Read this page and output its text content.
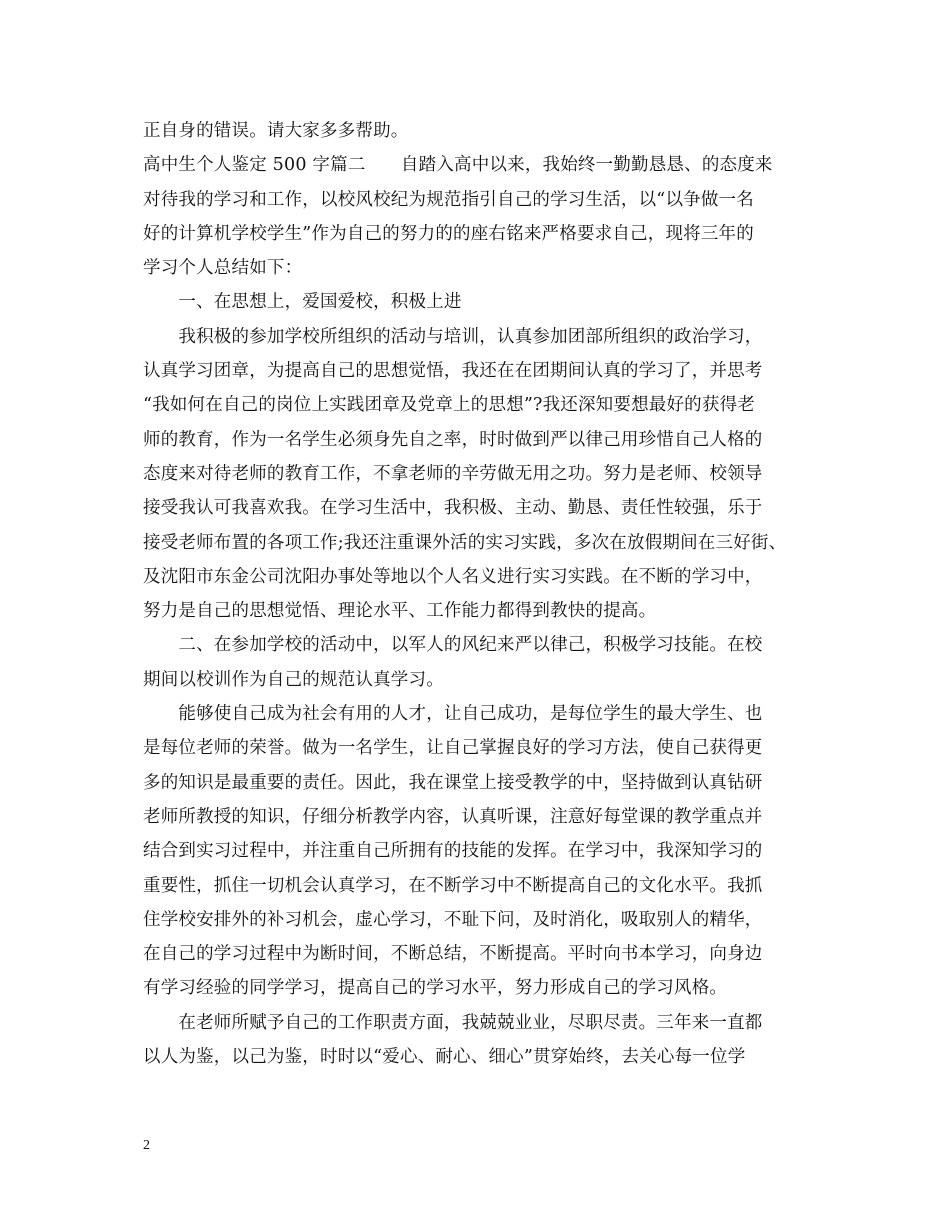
正自身的错误。请大家多多帮助。
高中生个人鉴定 500 字篇二　　自踏入高中以来，我始终一勤勤恳恳、的态度来
对待我的学习和工作，以校风校纪为规范指引自己的学习生活，以“以争做一名
好的计算机学校学生”作为自己的努力的的座右铭来严格要求自己，现将三年的
学习个人总结如下：
　　一、在思想上，爱国爱校，积极上进
　　我积极的参加学校所组织的活动与培训，认真参加团部所组织的政治学习，
认真学习团章，为提高自己的思想觉悟，我还在在团期间认真的学习了，并思考
“我如何在自己的岗位上实践团章及党章上的思想”?我还深知要想最好的获得老
师的教育，作为一名学生必须身先自之率，时时做到严以律己用珍惜自己人格的
态度来对待老师的教育工作，不拿老师的辛劳做无用之功。努力是老师、校领导
接受我认可我喜欢我。在学习生活中，我积极、主动、勤恳、责任性较强，乐于
接受老师布置的各项工作;我还注重课外活的实习实践，多次在放假期间在三好街、
及沈阳市东金公司沈阳办事处等地以个人名义进行实习实践。在不断的学习中，
努力是自己的思想觉悟、理论水平、工作能力都得到教快的提高。
　　二、在参加学校的活动中，以军人的风纪来严以律己，积极学习技能。在校
期间以校训作为自己的规范认真学习。
　　能够使自己成为社会有用的人才，让自己成功，是每位学生的最大学生、也
是每位老师的荣誉。做为一名学生，让自己掌握良好的学习方法，使自己获得更
多的知识是最重要的责任。因此，我在课堂上接受教学的中，坚持做到认真钻研
老师所教授的知识，仔细分析教学内容，认真听课，注意好每堂课的教学重点并
结合到实习过程中，并注重自己所拥有的技能的发挥。在学习中，我深知学习的
重要性，抓住一切机会认真学习，在不断学习中不断提高自己的文化水平。我抓
住学校安排外的补习机会，虚心学习，不耻下问，及时消化，吸取别人的精华，
在自己的学习过程中为断时间，不断总结，不断提高。平时向书本学习，向身边
有学习经验的同学学习，提高自己的学习水平，努力形成自己的学习风格。
　　在老师所赋予自己的工作职责方面，我兢兢业业，尽职尽责。三年来一直都
以人为鉴，以己为鉴，时时以“爱心、耐心、细心”贯穿始终，去关心每一位学
2
